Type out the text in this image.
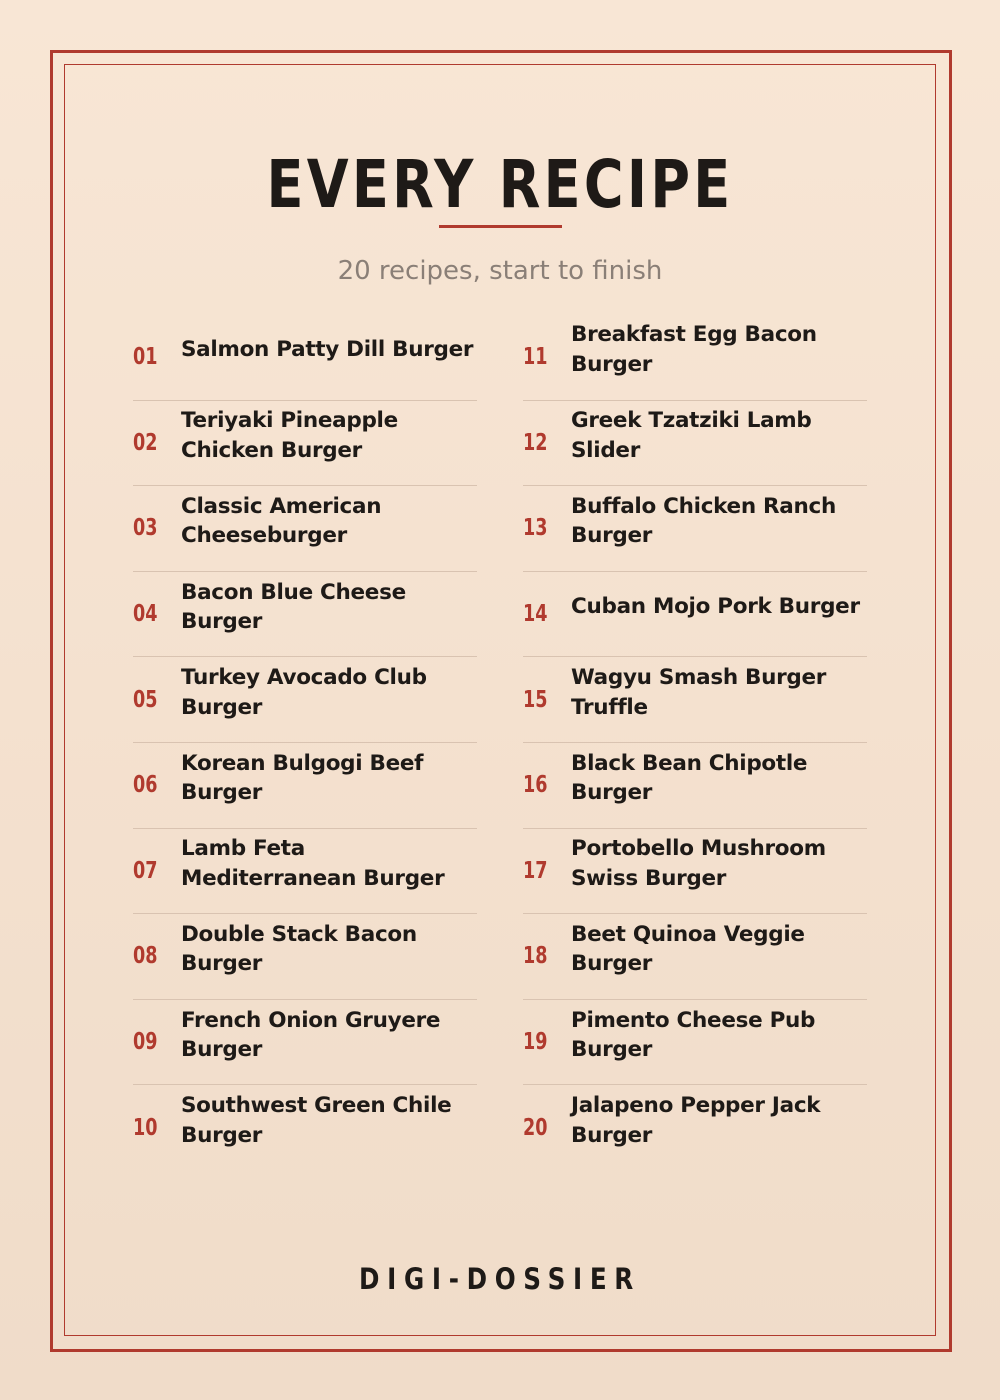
EVERY RECIPE
20 recipes, start to finish
01	Salmon Patty Dill Burger
02
Teriyaki Pineapple Chicken Burger
03
Classic American Cheeseburger
04
Bacon Blue Cheese Burger
05
Turkey Avocado Club Burger
06
Korean Bulgogi Beef Burger
07
Lamb Feta Mediterranean Burger
08
Double Stack Bacon Burger
09
French Onion Gruyere Burger
10
Southwest Green Chile Burger
11
Breakfast Egg Bacon Burger
12
Greek Tzatziki Lamb Slider
13
Buffalo Chicken Ranch Burger
14	Cuban Mojo Pork Burger
15
Wagyu Smash Burger Truffle
16
Black Bean Chipotle Burger
17
Portobello Mushroom Swiss Burger
18
Beet Quinoa Veggie Burger
19
Pimento Cheese Pub Burger
20
Jalapeno Pepper Jack Burger
DIGI-DOSSIER
